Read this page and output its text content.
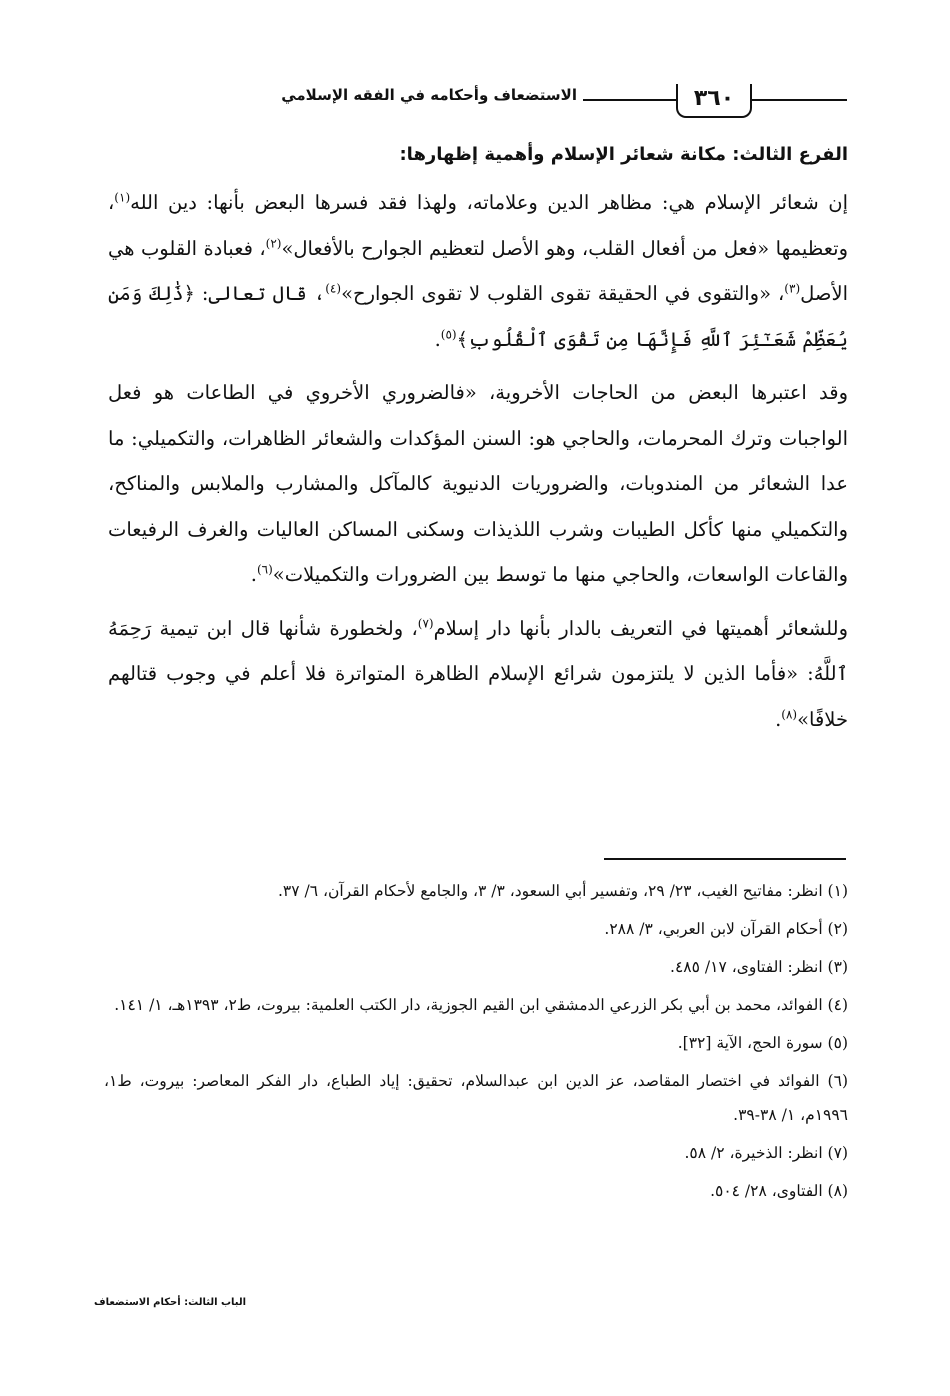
٣٦٠
الاستضعاف وأحكامه في الفقه الإسلامي
الفرع الثالث: مكانة شعائر الإسلام وأهمية إظهارها:

إن شعائر الإسلام هي: مظاهر الدين وعلاماته، ولهذا فقد فسرها البعض بأنها: دين الله$^{(١)}$، وتعظيمها «فعل من أفعال القلب، وهو الأصل لتعظيم الجوارح بالأفعال»$^{(٢)}$، فعبادة القلوب هي الأصل$^{(٣)}$، «والتقوى في الحقيقة تقوى القلوب لا تقوى الجوارح»$^{(٤)}$، قال تعالى: ﴿ذَٰلِكَ وَمَن يُعَظِّمْ شَعَـٰٓئِرَ ٱللَّهِ فَإِنَّهَا مِن تَقْوَى ٱلْقُلُوبِ﴾$^{(٥)}$.

وقد اعتبرها البعض من الحاجات الأخروية، «فالضروري الأخروي في الطاعات هو فعل الواجبات وترك المحرمات، والحاجي هو: السنن المؤكدات والشعائر الظاهرات، والتكميلي: ما عدا الشعائر من المندوبات، والضروريات الدنيوية كالمآكل والمشارب والملابس والمناكح، والتكميلي منها كأكل الطيبات وشرب اللذيذات وسكنى المساكن العاليات والغرف الرفيعات والقاعات الواسعات، والحاجي منها ما توسط بين الضرورات والتكميلات»$^{(٦)}$.

وللشعائر أهميتها في التعريف بالدار بأنها دار إسلام$^{(٧)}$، ولخطورة شأنها قال ابن تيمية رَحِمَهُ ٱللَّهُ: «فأما الذين لا يلتزمون شرائع الإسلام الظاهرة المتواترة فلا أعلم في وجوب قتالهم خلافًا»$^{(٨)}$.

(١) انظر: مفاتيح الغيب، ٢٣/ ٢٩، وتفسير أبي السعود، ٣/ ٣، والجامع لأحكام القرآن، ٦/ ٣٧.
(٢) أحكام القرآن لابن العربي، ٣/ ٢٨٨.
(٣) انظر: الفتاوى، ١٧/ ٤٨٥.
(٤) الفوائد، محمد بن أبي بكر الزرعي الدمشقي ابن القيم الجوزية، دار الكتب العلمية: بيروت، ط٢، ١٣٩٣هـ، ١/ ١٤١.
(٥) سورة الحج، الآية [٣٢].
(٦) الفوائد في اختصار المقاصد، عز الدين ابن عبدالسلام، تحقيق: إياد الطباع، دار الفكر المعاصر: بيروت، ط١، ١٩٩٦م، ١/ ٣٨-٣٩.
(٧) انظر: الذخيرة، ٢/ ٥٨.
(٨) الفتاوى، ٢٨/ ٥٠٤.
الباب الثالث: أحكام الاستضعاف
